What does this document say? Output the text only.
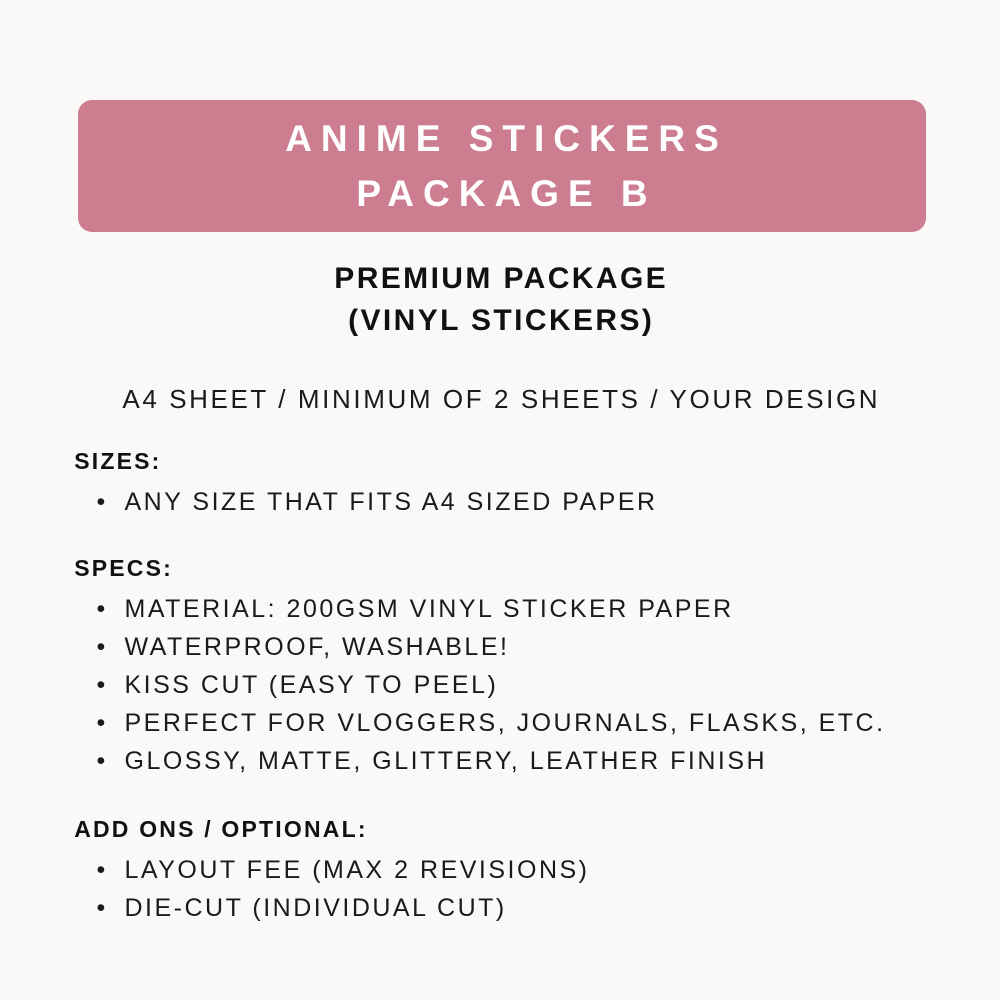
ANIME STICKERS
PACKAGE B
PREMIUM PACKAGE
(VINYL STICKERS)
A4 SHEET / MINIMUM OF 2 SHEETS / YOUR DESIGN
SIZES:
• ANY SIZE THAT FITS A4 SIZED PAPER
SPECS:
• MATERIAL: 200GSM VINYL STICKER PAPER
• WATERPROOF, WASHABLE!
• KISS CUT (EASY TO PEEL)
• PERFECT FOR VLOGGERS, JOURNALS, FLASKS, ETC.
• GLOSSY, MATTE, GLITTERY, LEATHER FINISH
ADD ONS / OPTIONAL:
• LAYOUT FEE (MAX 2 REVISIONS)
• DIE-CUT (INDIVIDUAL CUT)
